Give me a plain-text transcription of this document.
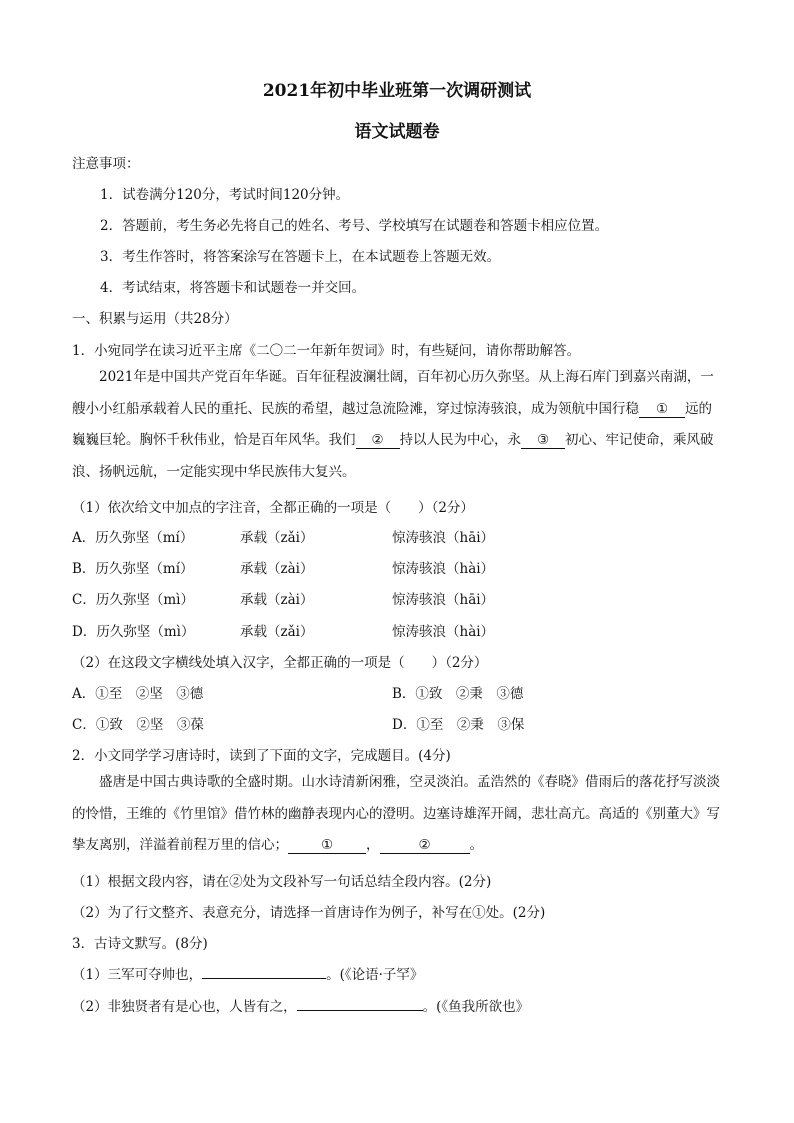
2021年初中毕业班第一次调研测试
语文试题卷
注意事项：
1．试卷满分120分，考试时间120分钟。
2．答题前，考生务必先将自己的姓名、考号、学校填写在试题卷和答题卡相应位置。
3．考生作答时，将答案涂写在答题卡上，在本试题卷上答题无效。
4．考试结束，将答题卡和试题卷一并交回。
一、积累与运用（共28分）
1．小宛同学在读习近平主席《二〇二一年新年贺词》时，有些疑问，请你帮助解答。
2021年是中国共产党百年华诞。百年征程波澜壮阔，百年初心历久弥坚。从上海石库门到嘉兴南湖，一艘小小红船承载着人民的重托、民族的希望，越过急流险滩，穿过惊涛骇浪，成为领航中国行稳 ① 远的巍巍巨轮。胸怀千秋伟业，恰是百年风华。我们 ② 持以人民为中心，永 ③ 初心、牢记使命，乘风破浪、扬帆远航，一定能实现中华民族伟大复兴。
（1）依次给文中加点的字注音，全都正确的一项是（　　）（2分）
A．历久弥坚（mí）	承载（zǎi）	惊涛骇浪（hāi）
B．历久弥坚（mí）	承载（zài）	惊涛骇浪（hài）
C．历久弥坚（mì）	承载（zài）	惊涛骇浪（hāi）
D．历久弥坚（mì）	承载（zǎi）	惊涛骇浪（hài）
（2）在这段文字横线处填入汉字，全都正确的一项是（　　）（2分）
A．①至　②坚　③德	B．①致　②秉　③德
C．①致　②坚　③葆	D．①至　②秉　③保
2．小文同学学习唐诗时，读到了下面的文字，完成题目。(4分)
盛唐是中国古典诗歌的全盛时期。山水诗清新闲雅，空灵淡泊。孟浩然的《春晓》借雨后的落花抒写淡淡的怜惜，王维的《竹里馆》借竹林的幽静表现内心的澄明。边塞诗雄浑开阔，悲壮高亢。高适的《别董大》写挚友离别，洋溢着前程万里的信心； ① ，	②	。
（1）根据文段内容，请在②处为文段补写一句话总结全段内容。(2分)
（2）为了行文整齐、表意充分，请选择一首唐诗作为例子，补写在①处。(2分)
3．古诗文默写。(8分)
（1）三军可夺帅也，	。(《论语·子罕》
（2）非独贤者有是心也，人皆有之，	。(《鱼我所欲也》
